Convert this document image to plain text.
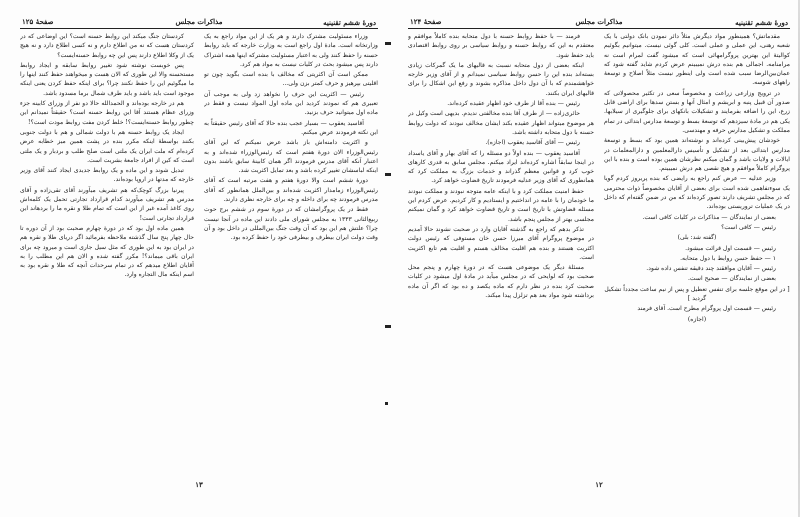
دورهٔ ششم تقنینیه
مذاکرات مجلس
صفحهٔ ۱۲۵

وزراء مسئولیت مشترک دارند و هر یک از این مواد راجع به یک وزارتخانه است. مادهٔ اول راجع است به وزارت خارجه که باید روابط حسنه را حفظ کنند ولی به اعتبار مسئولیت مشترکه اینها همه اشتراک دارند پس میشود بحث در کلیات نیست به مواد هم کرد.

ممکن است آن اکثریتی که مخالف با بنده است بگوید چون تو اقلیتی بپرهیز و حرف کمتر بزن ولی...

رئیس — اکثریت این حرف را نخواهد زد ولی به موجب آن تعبیری هم که نمودند کردید این ماده اول المواد نیست و فقط در ماده اول میتوانید حرف بزنید.

آقاسید یعقوب — بسیار عجب بنده حالا که آقای رئیس حقیقتاً به این نکته فرمودند عرض میکنم.

و اکثریت دامنه‌اش باز باشد عرض نمیکنم که این آقای رئیس‌الوزراء الان دورهٔ هفتم است که رئیس‌الوزراء شده‌اند و به اعتبار آنکه آقای مدرس فرمودند اگر همان کابینهٔ سابق باشند بدون اینکه لباسشان تغییر کرده باشد و بعد تمایل اکثریت شد.

دورهٔ ششم است والا دورهٔ هفتم و هفت مرتبه است که آقای رئیس‌الوزراء زمامدار اکثریت شده‌اند و بین‌الملل همانطور که آقای مدرس فرمودند چه برای داخله و چه برای خارجه نظری دارند.

فقط در یک پروگرامشان که در دورهٔ سوم در ششم برج حوت ربیع‌الثانی ۱۳۳۳ به مجلس شورای ملی دادند این ماده در آنجا نیست چرا؟ علتش هم این بود که آن وقت جنگ بین‌المللی در داخل بود و آن وقت دولت ایران بیطرف و بیطرفی خود را حفظ کرده بود.

کردستان جنگ میکند این روابط حسنه است؟ این اوضاعی که در کردستان هست که نه من اطلاع دارم و نه کسی اطلاع دارد و نه هیچ یک از وکلا اطلاع دارند پس این چه روابط حسنه‌ایست؟

پس خوبست نوشته شود تغییر روابط سابقه و ایجاد روابط مستحسنه والا این طوری که الان هست و میخواهند حفظ کنند اینها را ما میگوئیم این را حفظ نکنند چرا؟ برای اینکه حفظ کردن یعنی اینکه موجود است باید باشد و باید طرف شمال برما مسدود باشد.

هم در خارجه بوده‌اند و الحمدالله حالا دو نفر از وزرای کابینه جزء وزرای عظام هستند آقا این روابط حسنه است؟ حقیقتاً نمیدانم این چطور روابط حسنه‌ایست؟! خلط کردن مفت روابط مودت است؟!

ایجاد یک روابط حسنه هم با دولت شمالی و هم با دولت جنوبی بکنند بواسطهٔ اینکه مکرر بنده در پشت همین میز خطابه عرض کرده‌ام که ملت ایران یک ملتی است صلح طلب و بردبار و یک ملتی است که کین از افراد جامعهٔ بشریت است.

تبدیل شوند و این ماده و یک روابط جدیدی ایجاد کنند آقای وزیر خارجه که مدتها در اروپا بوده‌اند.

پیرنیا بزرگ کوچک‌که هم تشریف میآورند آقای تقی‌زاده و آقای مدرس هم تشریف میآورند کدام قرارداد تجارتی تحمل یک کلمه‌اش روی کاغذ آمده غیر از این است که تمام طلا و نقره ما را بردهاند این قرارداد تجارتی است!

همین ماده اول بود که در دورهٔ چهارم صحبت بود از آن دوره تا حال چهار پنج سال گذشته ملاحظه بفرمائید اگر دریای طلا و نقره هم در ایران بود به این طوری که مثل سیل جاری است و میرود چه برای ایران باقی میماند؟! مکرر گفته شده و الان هم این مطلب را به آقایان اطلاع میدهم که در تمام سرحدات آنچه که طلا و نقره بود به اسم اینکه مال التجاره وارد.

۱۳
دورهٔ ششم تقنینیه
مذاکرات مجلس
صفحهٔ ۱۲۴

مقدماتش؟ همینطور مواد دیگرش مثلاً دائر نمودن بانک دولتی با یک شعبه رهنی، این عملی و عملی است. کلی گوئی نیست. میتوانیم بگوئیم کوالیتهٔ این بهترین پروگرامهائی است که میشود گفت لمرام است نه مرامنامه. اجمالی هم بنده درش نمیبینم عرض کردم شاید گفته شود که عمان‌بین‌الرضا سبب شده است ولی اینطور نیست مثلاً اصلاح و توسعهٔ راههای شوسه.

در ترویج وزارعی زراعت و مخصوصاً سعی در تکثیر محصولاتی که صدور آن قبیل پنبه و ابریشم و امثال آنها و بستن سدها برای اراضی قابل زرع، این را اضافه بفرمایند و تشکیلات بانکهای برای جلوگیری از سیلابها. یکی هم در مادهٔ سیزدهم که توسعهٔ بسط و توسعهٔ مدارس ابتدائی در تمام مملکت و تشکیل مدارس حرفه و مهندسی.

خودشان پیش‌بینی کرده‌اند و نوشته‌اند همین بود که بسط و توسعهٔ مدارس ابتدائی بعد از تشکیل و تأسیس دارالمعلمین و دارالمعلمات در ایالات و ولایات باشد و گمان میکنم نظرشان همین بوده است و بنده با این پروگرام کاملاً موافقم و هیچ نقصی هم درش نمیبینم.

وزیر عدلیه — عرض کنم راجع به رایضی که بنده پریروز کردم گویا یک سوءتفاهمی شده است برای بعضی از آقایان مخصوصاً ذوات محترمی که در مجلس تشریف دارند تصور کرده‌اند که من در ضمن گفته‌ام که داخل در یک عملیات تروریستی بوده‌اند.

بعضی از نمایندگان — مذاکرات در کلیات کافی است.

رئیس — کافی است؟

(گفته شد: بلی)

رئیس — قسمت اول قرائت میشود.

۱ — حفظ حسن روابط با دول متحابه.

رئیس — آقایان موافقند چند دقیقه تنفس داده شود.

بعضی از نمایندگان — صحیح است.

[ در این موقع جلسه برای تنفس تعطیل و پس از نیم ساعت مجدداً تشکیل گردید ]

رئیس — قسمت اول پروگرام مطرح است. آقای فرمند

(اجازه)

فرمند — با حفظ روابط حسنه با دول متحابه بنده کاملاً موافقم و معتقدم به این که روابط حسنه و روابط سیاسی بر روی روابط اقتصادی باید حفظ شود.

اینکه بعضی از دول متحابه نسبت به قالیهای ما یک گمرکات زیادی بسته‌اند بنده این را حسن روابط سیاسی نمیدانم و از آقای وزیر خارجه خواهشمندم که با آن دول داخل مذاکره بشوند و رفع این اشکال را برای قالیهای ایران بکنند.

رئیس — بنده آقا از طرف خود اظهار عقیده کرده‌اند.

حائری‌زاده — از طرف آقا بنده مخالفتی ندیدم. بدیهی است وکیل در هر موضوع میتواند اظهار عقیده بکند ایشان مخالف نبودند که دولت روابط حسنه با دول متحابه داشته باشد.

رئیس — آقای آقاسید یعقوب (اجازه).

آقاسید یعقوب — بنده اولاً دو مسئله را که آقای بهار و آقای یاسداد در اینجا سابقاً اشاره کرده‌اند ایراد میکنم. مجلس سابق به قدری کارهای خوب کرد و قوانین معظم گذراند و خدمات بزرگ به مملکت کرد که همانطوری که آقای وزیر عدلیه فرمودند تاریخ قضاوت خواهد کرد.

حفظ امنیت مملکت کرد و با اینکه عامه متوجه نبودند و مملکت نبودند ما خودمان را با عامه در انداختیم و ایستادیم و کار کردیم. عرض کردم این مسئله قضاوتش با تاریخ است و تاریخ قضاوت خواهد کرد و گمان نمیکنم مجلسی بهتر از مجلس پنجم باشد.

تذکر بدهم که راجع به گذشته آقایان وارد در صحبت نشوند حالا آمدیم در موضوع پروگرام آقای میرزا حسن خان مستوفی که رئیس دولت اکثریت هستند و بنده هم اقلیت مخالف هستم و اقلیت هم تابع اکثریت است.

مسئلهٔ دیگر یک موضوعی هست که در دورهٔ چهارم و پنجم محل صحبت بود که لوایحی که در مجلس میآید در مادهٔ اول میشود در کلیات صحبت کرد بنده در نظر دارم که ماده یکصد و ده بود که اگر آن ماده برداشته شود مواد بعد هم تزلزل پیدا میکند.

۱۲
